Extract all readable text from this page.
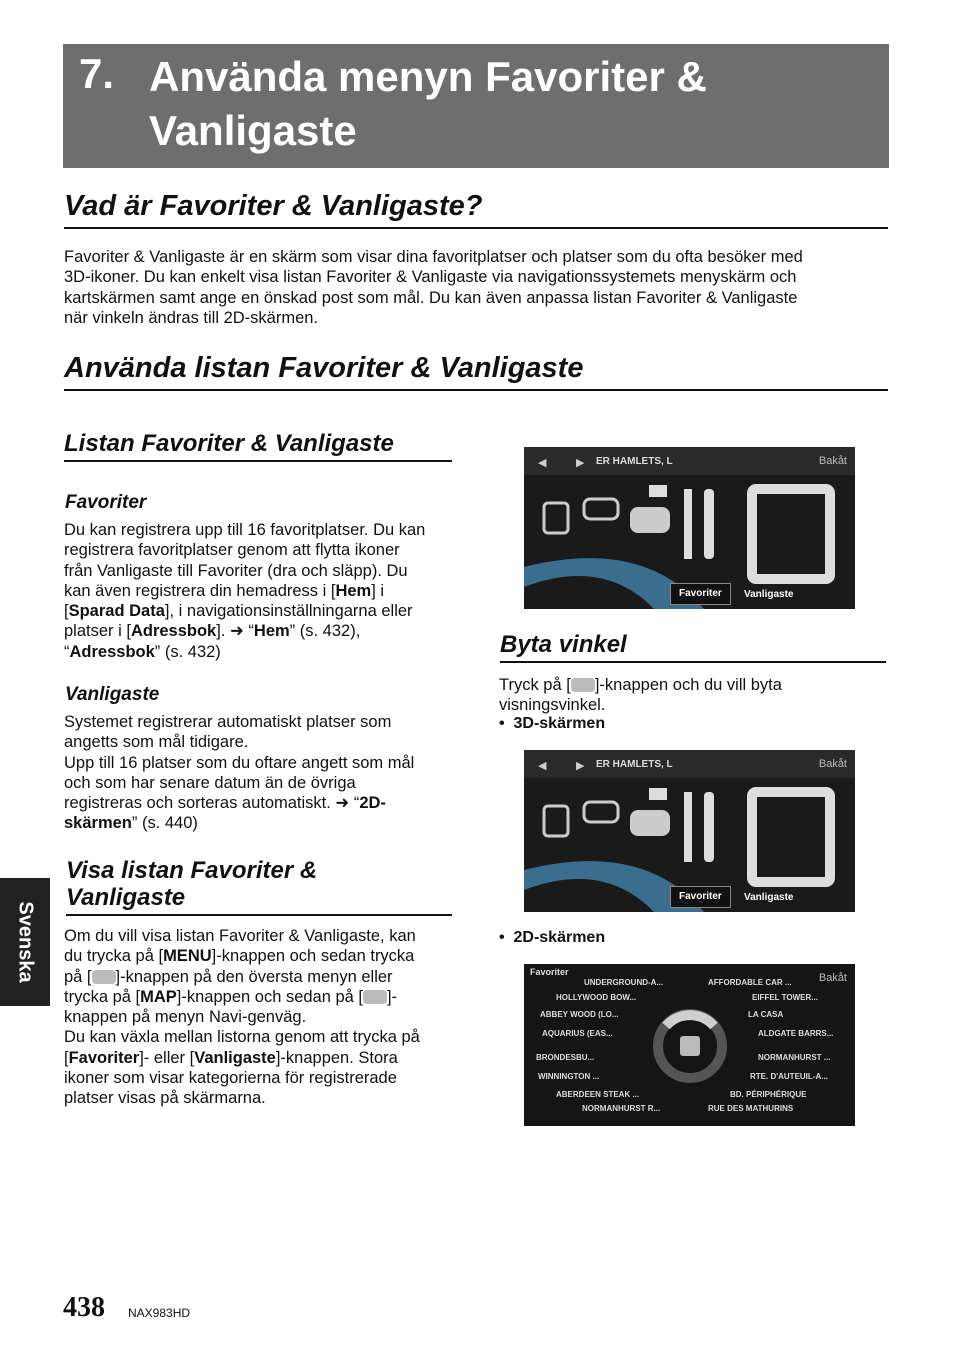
7. Använda menyn Favoriter & Vanligaste
Vad är Favoriter & Vanligaste?
Favoriter & Vanligaste är en skärm som visar dina favoritplatser och platser som du ofta besöker med
3D-ikoner. Du kan enkelt visa listan Favoriter & Vanligaste via navigationssystemets menyskärm och
kartskärmen samt ange en önskad post som mål. Du kan även anpassa listan Favoriter & Vanligaste
när vinkeln ändras till 2D-skärmen.
Använda listan Favoriter & Vanligaste
Listan Favoriter & Vanligaste
Favoriter
Du kan registrera upp till 16 favoritplatser. Du kan
registrera favoritplatser genom att flytta ikoner
från Vanligaste till Favoriter (dra och släpp). Du
kan även registrera din hemadress i [Hem] i
[Sparad Data], i navigationsinställningarna eller
platser i [Adressbok]. ➜ “Hem” (s. 432),
“Adressbok” (s. 432)
Vanligaste
Systemet registrerar automatiskt platser som
angetts som mål tidigare.
Upp till 16 platser som du oftare angett som mål
och som har senare datum än de övriga
registreras och sorteras automatiskt. ➜ “2D-
skärmen” (s. 440)
Visa listan Favoriter &
Vanligaste
Om du vill visa listan Favoriter & Vanligaste, kan
du trycka på [MENU]-knappen och sedan trycka
på [ ]-knappen på den översta menyn eller
trycka på [MAP]-knappen och sedan på [ ]-
knappen på menyn Navi-genväg.
Du kan växla mellan listorna genom att trycka på
[Favoriter]- eller [Vanligaste]-knappen. Stora
ikoner som visar kategorierna för registrerade
platser visas på skärmarna.
◀	▶ ER HAMLETS, L	Bakåt
Favoriter	Vanligaste
Byta vinkel
Tryck på [ ]-knappen och du vill byta
visningsvinkel.
•  3D-skärmen
◀	▶ ER HAMLETS, L	Bakåt
Favoriter	Vanligaste
•  2D-skärmen
Favoriter	Bakåt
UNDERGROUND-A...
HOLLYWOOD BOW...
ABBEY WOOD (LO...
AQUARIUS (EAS...
BRONDESBU...
WINNINGTON ...
ABERDEEN STEAK ...
NORMANHURST R...
AFFORDABLE CAR ...
EIFFEL TOWER...
LA CASA
ALDGATE BARRS...
NORMANHURST ...
RTE. D'AUTEUIL-A...
BD. PÉRIPHÉRIQUE
RUE DES MATHURINS
Svenska
438 NAX983HD
